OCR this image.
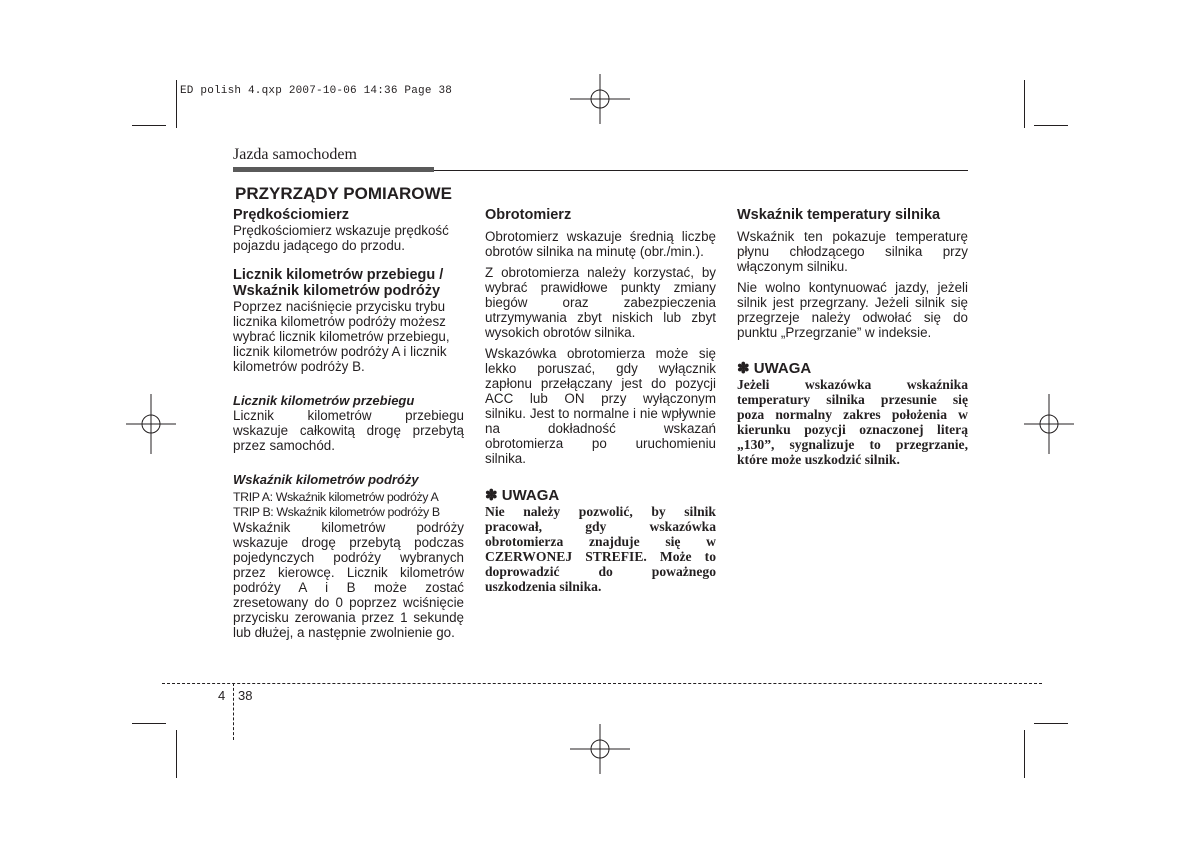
ED polish 4.qxp 2007-10-06 14:36 Page 38
Jazda samochodem
PRZYRZĄDY POMIAROWE

Prędkościomierz

Prędkościomierz wskazuje prędkość
pojazdu jadącego do przodu.

Licznik kilometrów przebiegu /
Wskaźnik kilometrów podróży

Poprzez naciśnięcie przycisku trybu
licznika kilometrów podróży możesz
wybrać licznik kilometrów przebiegu,
licznik kilometrów podróży A i licznik
kilometrów podróży B.

Licznik kilometrów przebiegu

Licznik kilometrów przebiegu

wskazuje całkowitą drogę przebytą

przez samochód.

Wskaźnik kilometrów podróży

TRIP A: Wskaźnik kilometrów podróży A

TRIP B: Wskaźnik kilometrów podróży B

Wskaźnik kilometrów podróży
wskazuje drogę przebytą podczas
pojedynczych podróży wybranych
przez kierowcę. Licznik kilometrów
podróży A i B może zostać
zresetowany do 0 poprzez wciśnięcie
przycisku zerowania przez 1 sekundę
lub dłużej, a następnie zwolnienie go.

Obrotomierz

Obrotomierz wskazuje średnią liczbę
obrotów silnika na minutę (obr./min.).
Z obrotomierza należy korzystać, by
wybrać prawidłowe punkty zmiany
biegów oraz zabezpieczenia
utrzymywania zbyt niskich lub zbyt
wysokich obrotów silnika.
Wskazówka obrotomierza może się
lekko poruszać, gdy wyłącznik
zapłonu przełączany jest do pozycji
ACC lub ON przy wyłączonym
silniku. Jest to normalne i nie wpływnie
na dokładność wskazań
obrotomierza po uruchomieniu
silnika.

✽ UWAGA

Nie należy pozwolić, by silnik
pracował, gdy wskazówka
obrotomierza znajduje się w
CZERWONEJ STREFIE. Może to
doprowadzić do poważnego
uszkodzenia silnika.

Wskaźnik temperatury silnika

Wskaźnik ten pokazuje temperaturę
płynu chłodzącego silnika przy
włączonym silniku.
Nie wolno kontynuować jazdy, jeżeli
silnik jest przegrzany. Jeżeli silnik się
przegrzeje należy odwołać się do
punktu „Przegrzanie” w indeksie.

✽ UWAGA

Jeżeli wskazówka wskaźnika
temperatury silnika przesunie się
poza normalny zakres położenia w
kierunku pozycji oznaczonej literą
„130”, sygnalizuje to przegrzanie,
które może uszkodzić silnik.
4 38
